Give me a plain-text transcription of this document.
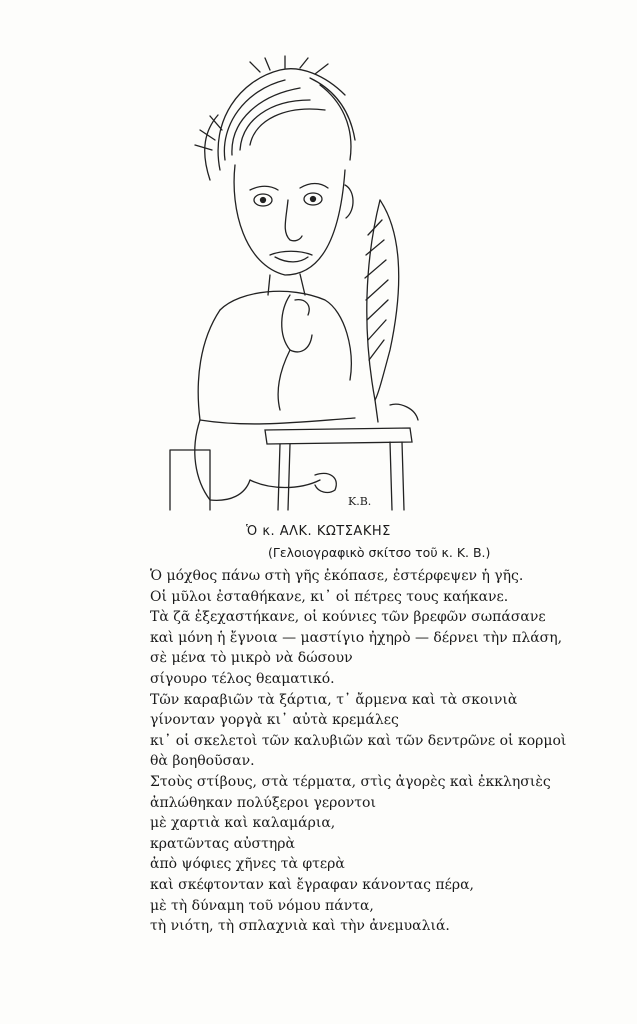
Κ.Β.
Ὁ κ. ΑΛΚ. ΚΩΤΣΑΚΗΣ
(Γελοιογραφικὸ σκίτσο τοῦ κ. Κ. Β.)
Ὁ μόχθος πάνω στὴ γῆς ἐκόπασε, ἐστέρφεψεν ἡ γῆς.
Οἱ μῦλοι ἐσταθήκανε, κι᾽ οἱ πέτρες τους καήκανε.
Τὰ ζᾶ ἐξεχαστήκανε, οἱ κούνιες τῶν βρεφῶν σωπάσανε
καὶ μόνη ἡ ἔγνοια — μαστίγιο ἠχηρὸ — δέρνει τὴν πλάση,
σὲ μένα τὸ μικρὸ νὰ δώσουν
σίγουρο τέλος θεαματικό.
Τῶν καραβιῶν τὰ ξάρτια, τ᾽ ἄρμενα καὶ τὰ σκοινιὰ
γίνονταν γοργὰ κι᾽ αὐτὰ κρεμάλες
κι᾽ οἱ σκελετοὶ τῶν καλυβιῶν καὶ τῶν δεντρῶνε οἱ κορμοὶ
θὰ βοηθοῦσαν.
Στοὺς στίβους, στὰ τέρματα, στὶς ἀγορὲς καὶ ἐκκλησιὲς
ἀπλώθηκαν πολύξεροι γεροντοι
μὲ χαρτιὰ καὶ καλαμάρια,
κρατῶντας αὐστηρὰ
ἀπὸ ψόφιες χῆνες τὰ φτερὰ
καὶ σκέφτονταν καὶ ἔγραφαν κάνοντας πέρα,
μὲ τὴ δύναμη τοῦ νόμου πάντα,
τὴ νιότη, τὴ σπλαχνιὰ καὶ τὴν ἀνεμυαλιά.
